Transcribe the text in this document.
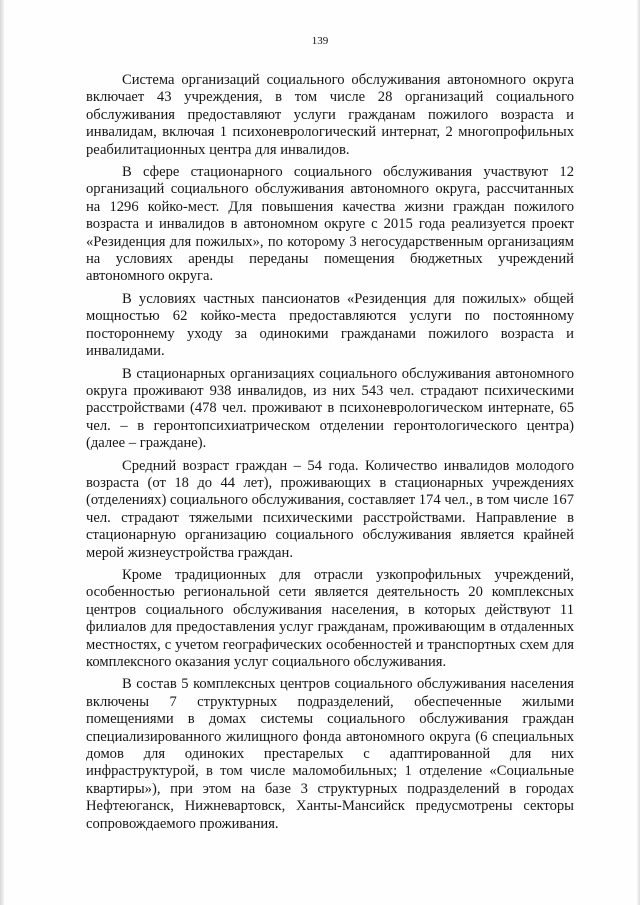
139

Система организаций социального обслуживания автономного округа включает 43 учреждения, в том числе 28 организаций социального обслуживания предоставляют услуги гражданам пожилого возраста и инвалидам, включая 1 психоневрологический интернат, 2 многопрофильных реабилитационных центра для инвалидов.

В сфере стационарного социального обслуживания участвуют 12 организаций социального обслуживания автономного округа, рассчитанных на 1296 койко-мест. Для повышения качества жизни граждан пожилого возраста и инвалидов в автономном округе с 2015 года реализуется проект «Резиденция для пожилых», по которому 3 негосударственным организациям на условиях аренды переданы помещения бюджетных учреждений автономного округа.

В условиях частных пансионатов «Резиденция для пожилых» общей мощностью 62 койко-места предоставляются услуги по постоянному постороннему уходу за одинокими гражданами пожилого возраста и инвалидами.

В стационарных организациях социального обслуживания автономного округа проживают 938 инвалидов, из них 543 чел. страдают психическими расстройствами (478 чел. проживают в психоневрологическом интернате, 65 чел. – в геронтопсихиатрическом отделении геронтологического центра) (далее – граждане).

Средний возраст граждан – 54 года. Количество инвалидов молодого возраста (от 18 до 44 лет), проживающих в стационарных учреждениях (отделениях) социального обслуживания, составляет 174 чел., в том числе 167 чел. страдают тяжелыми психическими расстройствами. Направление в стационарную организацию социального обслуживания является крайней мерой жизнеустройства граждан.

Кроме традиционных для отрасли узкопрофильных учреждений, особенностью региональной сети является деятельность 20 комплексных центров социального обслуживания населения, в которых действуют 11 филиалов для предоставления услуг гражданам, проживающим в отдаленных местностях, с учетом географических особенностей и транспортных схем для комплексного оказания услуг социального обслуживания.

В состав 5 комплексных центров социального обслуживания населения включены 7 структурных подразделений, обеспеченные жилыми помещениями в домах системы социального обслуживания граждан специализированного жилищного фонда автономного округа (6 специальных домов для одиноких престарелых с адаптированной для них инфраструктурой, в том числе маломобильных; 1 отделение «Социальные квартиры»), при этом на базе 3 структурных подразделений в городах Нефтеюганск, Нижневартовск, Ханты-Мансийск предусмотрены секторы сопровождаемого проживания.
